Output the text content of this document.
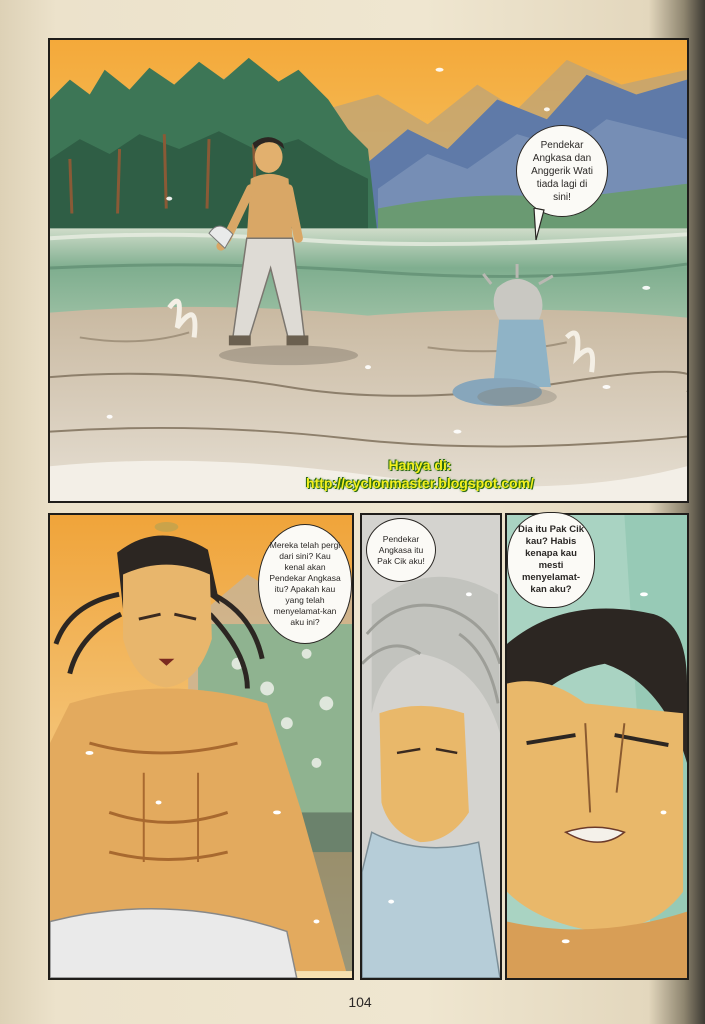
Pendekar Angkasa dan Anggerik Wati tiada lagi di sini!
Mereka telah pergi dari sini? Kau kenal akan Pendekar Angkasa itu? Apakah kau yang telah menyelamat-kan aku ini?
Pendekar Angkasa itu Pak Cik aku!
Dia itu Pak Cik kau? Habis kenapa kau mesti menyelamat-kan aku?
Hanya di:
http://cyclonmaster.blogspot.com/
104
